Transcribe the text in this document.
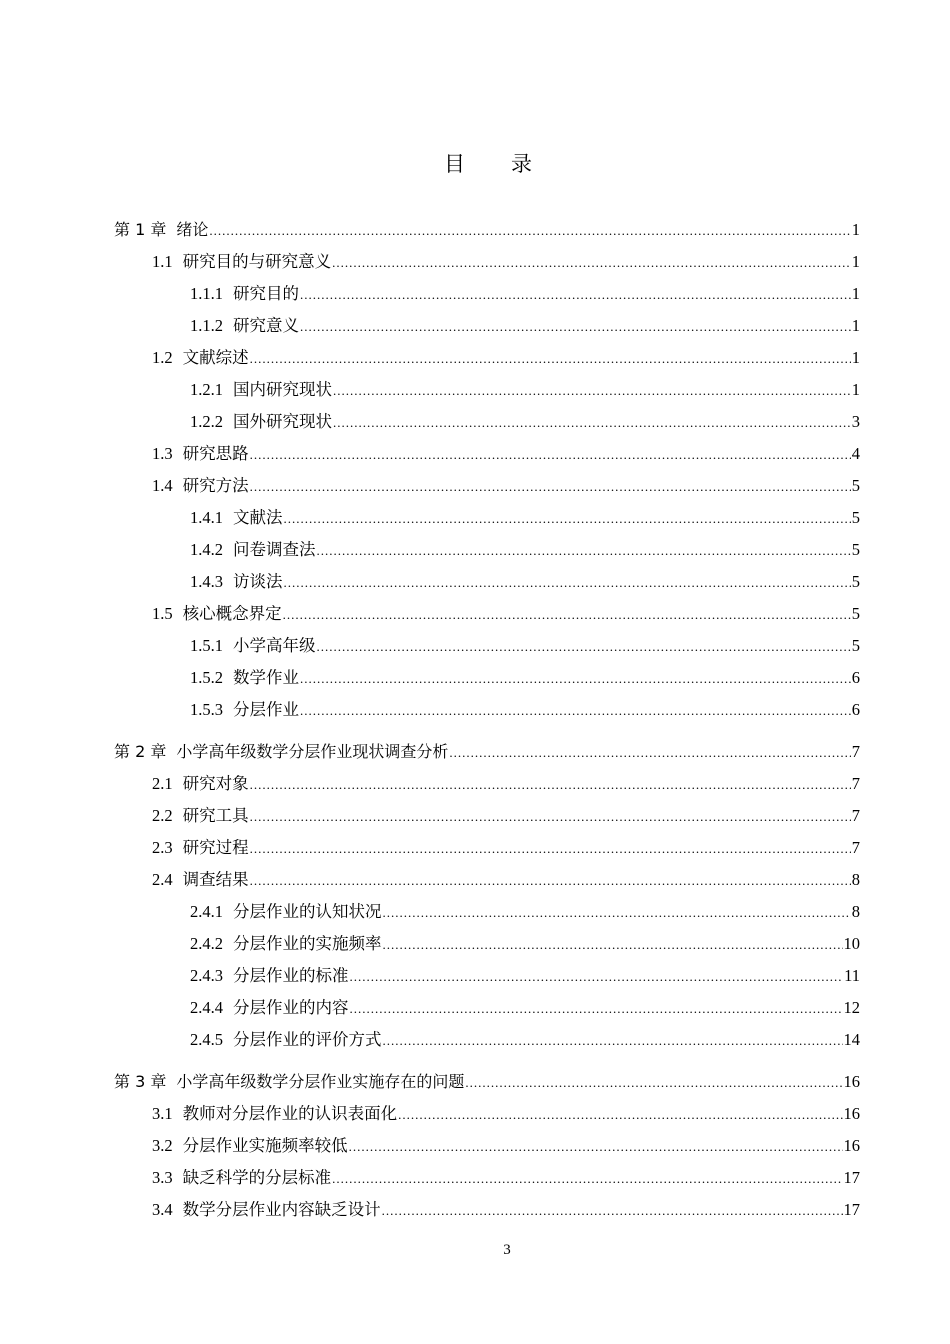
目 录
第 1 章 绪论 .....	1
1.1 研究目的与研究意义 .....	1
1.1.1 研究目的 .....	1
1.1.2 研究意义 .....	1
1.2 文献综述 .....	1
1.2.1 国内研究现状 .....	1
1.2.2 国外研究现状 .....	3
1.3 研究思路 .....	4
1.4 研究方法 .....	5
1.4.1 文献法 .....	5
1.4.2 问卷调查法 .....	5
1.4.3 访谈法 .....	5
1.5 核心概念界定 .....	5
1.5.1 小学高年级 .....	5
1.5.2 数学作业 .....	6
1.5.3 分层作业 .....	6
第 2 章 小学高年级数学分层作业现状调查分析 .....	7
2.1 研究对象 .....	7
2.2 研究工具 .....	7
2.3 研究过程 .....	7
2.4 调查结果 .....	8
2.4.1 分层作业的认知状况 .....	8
2.4.2 分层作业的实施频率 .....	10
2.4.3 分层作业的标准 .....	11
2.4.4 分层作业的内容 .....	12
2.4.5 分层作业的评价方式 .....	14
第 3 章 小学高年级数学分层作业实施存在的问题 .....	16
3.1 教师对分层作业的认识表面化 .....	16
3.2 分层作业实施频率较低 .....	16
3.3 缺乏科学的分层标准 .....	17
3.4 数学分层作业内容缺乏设计 .....	17
3
